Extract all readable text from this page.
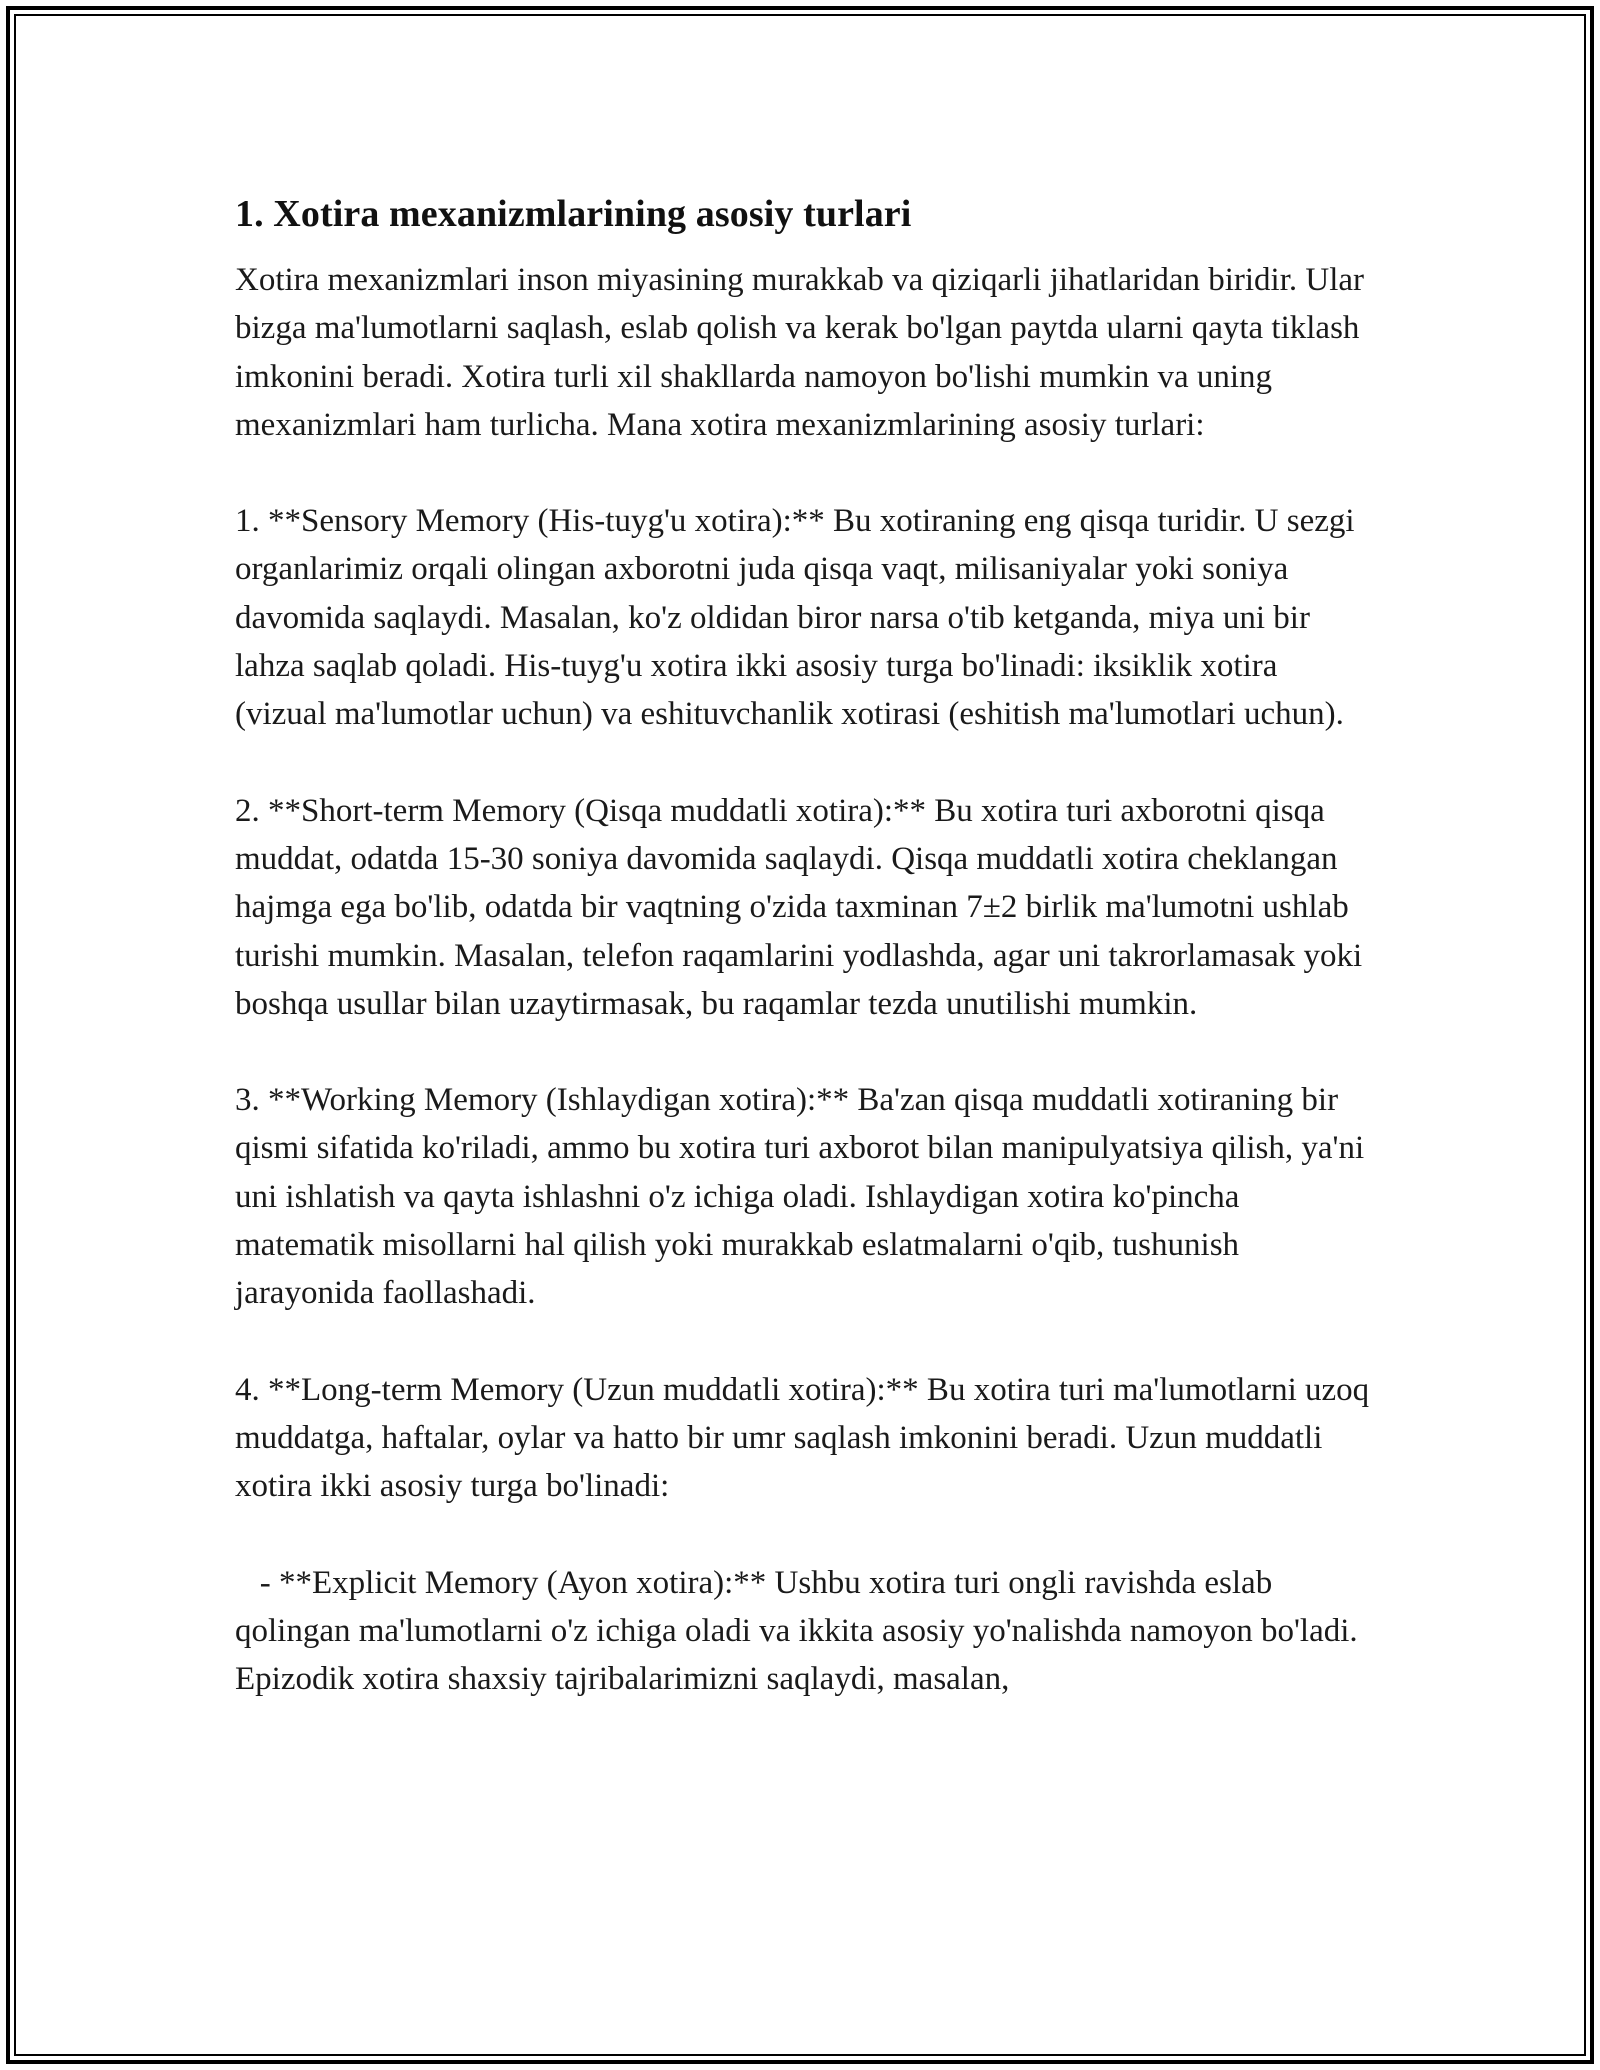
1. Xotira mexanizmlarining asosiy turlari

Xotira mexanizmlari inson miyasining murakkab va qiziqarli jihatlaridan biridir. Ular bizga ma'lumotlarni saqlash, eslab qolish va kerak bo'lgan paytda ularni qayta tiklash imkonini beradi. Xotira turli xil shakllarda namoyon bo'lishi mumkin va uning mexanizmlari ham turlicha. Mana xotira mexanizmlarining asosiy turlari:

1. **Sensory Memory (His-tuyg'u xotira):** Bu xotiraning eng qisqa turidir. U sezgi organlarimiz orqali olingan axborotni juda qisqa vaqt, milisaniyalar yoki soniya davomida saqlaydi. Masalan, ko'z oldidan biror narsa o'tib ketganda, miya uni bir lahza saqlab qoladi. His-tuyg'u xotira ikki asosiy turga bo'linadi: iksiklik xotira (vizual ma'lumotlar uchun) va eshituvchanlik xotirasi (eshitish ma'lumotlari uchun).

2. **Short-term Memory (Qisqa muddatli xotira):** Bu xotira turi axborotni qisqa muddat, odatda 15-30 soniya davomida saqlaydi. Qisqa muddatli xotira cheklangan hajmga ega bo'lib, odatda bir vaqtning o'zida taxminan 7±2 birlik ma'lumotni ushlab turishi mumkin. Masalan, telefon raqamlarini yodlashda, agar uni takrorlamasak yoki boshqa usullar bilan uzaytirmasak, bu raqamlar tezda unutilishi mumkin.

3. **Working Memory (Ishlaydigan xotira):** Ba'zan qisqa muddatli xotiraning bir qismi sifatida ko'riladi, ammo bu xotira turi axborot bilan manipulyatsiya qilish, ya'ni uni ishlatish va qayta ishlashni o'z ichiga oladi. Ishlaydigan xotira ko'pincha matematik misollarni hal qilish yoki murakkab eslatmalarni o'qib, tushunish jarayonida faollashadi.

4. **Long-term Memory (Uzun muddatli xotira):** Bu xotira turi ma'lumotlarni uzoq muddatga, haftalar, oylar va hatto bir umr saqlash imkonini beradi. Uzun muddatli xotira ikki asosiy turga bo'linadi:

- **Explicit Memory (Ayon xotira):** Ushbu xotira turi ongli ravishda eslab qolingan ma'lumotlarni o'z ichiga oladi va ikkita asosiy yo'nalishda namoyon bo'ladi. Epizodik xotira shaxsiy tajribalarimizni saqlaydi, masalan,
